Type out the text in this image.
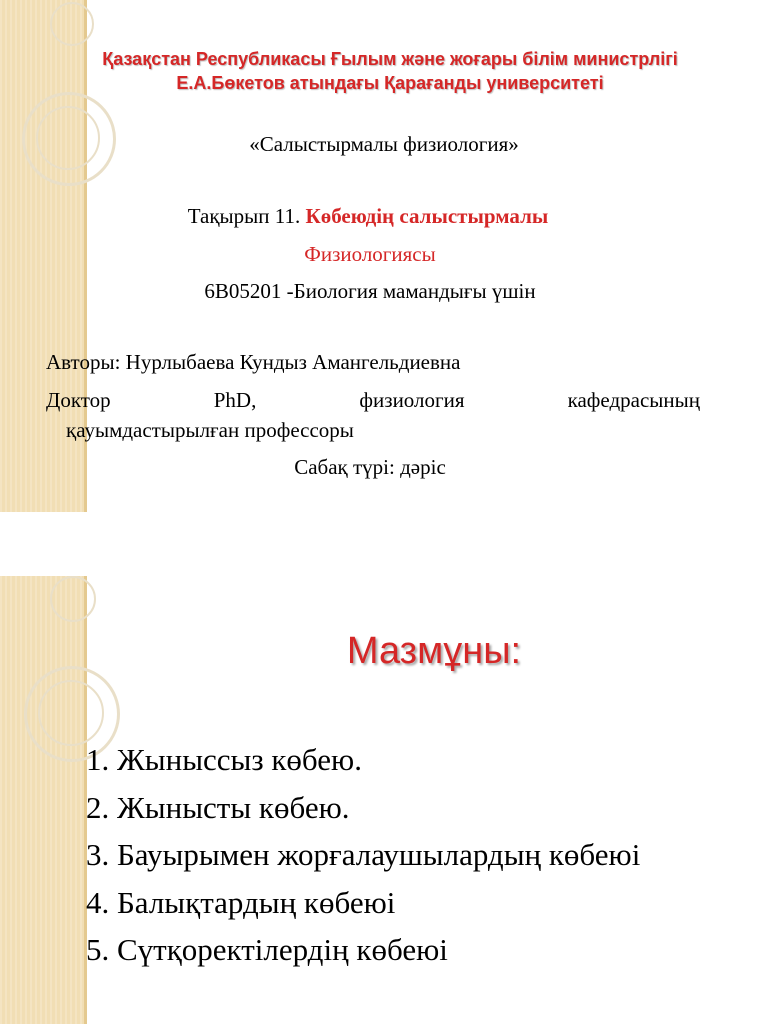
Қазақстан Республикасы Ғылым және жоғары білім министрлігі
Е.А.Бөкетов атындағы Қарағанды университеті
«Салыстырмалы физиология»
Тақырып 11. Көбеюдің салыстырмалы
Физиологиясы
6В05201 -Биология мамандығы үшін
Авторы: Нурлыбаева Кундыз Амангельдиевна
Доктор	PhD,	физиология	кафедрасының
қауымдастырылған профессоры
Сабақ түрі: дәріс
Мазмұны:
1. Жыныссыз көбею.
2. Жынысты көбею.
3. Бауырымен жорғалаушылардың көбеюі
4. Балықтардың көбеюі
5. Сүтқоректілердің көбеюі
